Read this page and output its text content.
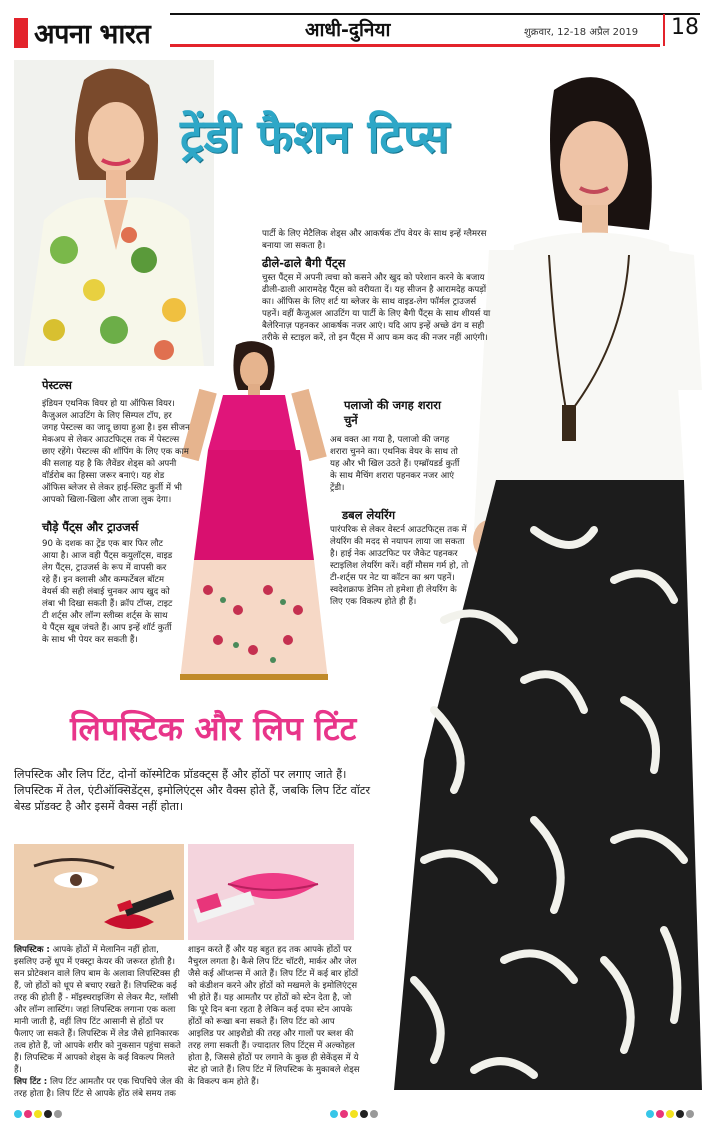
अपना भारत	आधी-दुनिया	शुक्रवार, 12-18 अप्रैल 2019 18
ट्रेंडी फैशन टिप्स
पार्टी के लिए मेटैलिक शेड्स और आकर्षक टॉप वेयर के साथ इन्हें ग्लैमरस बनाया जा सकता है।
ढीले-ढाले बैगी पैंट्स
चुस्त पैंट्स में अपनी त्वचा को कसने और खुद को परेशान करने के बजाय ढीली-ढाली आरामदेह पैंट्स को वरीयता दें। यह सीजन है आरामदेह कपड़ों का। ऑफिस के लिए शर्ट या ब्लेजर के साथ वाइड-लेग फॉर्मल ट्राउजर्स पहनें। वहीं कैजुअल आउटिंग या पार्टी के लिए बैगी पैंट्स के साथ शीयर्स या बैलेरिनाज़ पहनकर आकर्षक नजर आएं। यदि आप इन्हें अच्छे ढंग व सही तरीके से स्टाइल करें, तो इन पैंट्स में आप कम कद की नजर नहीं आएंगी।
पलाजो की जगह शरारा चुनें
अब वक्त आ गया है, पलाजो की जगह शरारा चुनने का। एथनिक वेयर के साथ तो यह और भी खिल उठते हैं। एम्ब्रॉयडर्ड कुर्ती के साथ मैचिंग शरारा पहनकर नजर आएं ट्रेंडी।
डबल लेयरिंग
पारंपरिक से लेकर वेस्टर्न आउटफिट्स तक में लेयरिंग की मदद से नयापन लाया जा सकता है। हाई नेक आउटफिट पर जैकेट पहनकर स्टाइलिश लेयरिंग करें। वहीं मौसम गर्म हो, तो टी-शर्ट्स पर नेट या कॉटन का श्रग पहनें। स्वदेशक्राफ डेनिम तो हमेशा ही लेयरिंग के लिए एक विकल्प होते ही हैं।
पेस्टल्स
इंडियन एथनिक वियर हो या ऑफिस वियर। कैजुअल आउटिंग के लिए सिम्पल टॉप, हर जगह पेस्टल्स का जादू छाया हुआ है। इस सीजन मेकअप से लेकर आउटफिट्स तक में पेस्टल्स छाए रहेंगे। पेस्टल्स की शॉपिंग के लिए एक काम की सलाह यह है कि लैवेंडर शेड्स को अपनी वॉर्डरोब का हिस्सा जरूर बनाएं। यह शेड ऑफिस ब्लेजर से लेकर हाई-स्लिट कुर्ती में भी आपको खिला-खिला और ताजा लुक देगा।
चौड़े पैंट्स और ट्राउजर्स
90 के दशक का ट्रेंड एक बार फिर लौट आया है। आज वही पैंट्स कयुलॉट्स, वाइड लेग पैंट्स, ट्राउजर्स के रूप में वापसी कर रहे हैं। इन क्लासी और कम्फर्टेबल बॉटम वेयर्स की सही लंबाई चुनकर आप खुद को लंबा भी दिखा सकती हैं। क्रॉप टॉप्स, टाइट टी शर्ट्स और लॉन्ग स्लीव्स शर्ट्स के साथ ये पैंट्स खूब जंचते हैं। आप इन्हें शॉर्ट कुर्ती के साथ भी पेयर कर सकती हैं।
लिपस्टिक और लिप टिंट
लिपस्टिक और लिप टिंट, दोनों कॉस्मेटिक प्रॉडक्ट्स हैं और होंठों पर लगाए जाते हैं। लिपस्टिक में तेल, एंटीऑक्सिडेंट्स, इमोलिएंट्स और वैक्स होते हैं, जबकि लिप टिंट वॉटर बेस्ड प्रॉडक्ट है और इसमें वैक्स नहीं होता।

लिपस्टिक : आपके होंठों में मेलानिन नहीं होता, इसलिए उन्हें धूप में एक्स्ट्रा केयर की जरूरत होती है। सन प्रोटेक्शन वाले लिप बाम के अलावा लिपस्टिक्स ही हैं, जो होंठों को धूप से बचाए रखते हैं। लिपस्टिक कई तरह की होती हैं - मॉइस्चराइजिंग से लेकर मैट, ग्लॉसी और लॉन्ग लास्टिंग। जहां लिपस्टिक लगाना एक कला मानी जाती है, वहीं लिप टिंट आसानी से होंठों पर फैलाए जा सकते हैं। लिपस्टिक में लेड जैसे हानिकारक तत्व होते हैं, जो आपके शरीर को नुकसान पहुंचा सकते हैं। लिपस्टिक में आपको शेड्स के कई विकल्प मिलते हैं।

लिप टिंट : लिप टिंट आमतौर पर एक चिपचिपे जेल की तरह होता है। लिप टिंट से आपके होंठ लंबे समय तक

शाइन करते हैं और यह बहुत हद तक आपके होंठों पर नैचुरल लगता है। कैसे लिप टिंट चॉटरी, मार्कर और जेल जैसे कई ऑप्शन्स में आते हैं। लिप टिंट में कई बार होंठों को कंडीशन करने और होंठों को मखमले के इमोलिएंट्स भी होते हैं। यह आमतौर पर होंठों को स्टेन देता है, जो कि पूरे दिन बना रहता है लेकिन कई दफा स्टेन आपके होंठों को रूखा बना सकते हैं। लिप टिंट को आप आइलिड पर आइशैडो की तरह और गालों पर ब्लश की तरह लगा सकती हैं। ज्यादातर लिप टिंट्स में अल्कोहल होता है, जिससे होंठों पर लगाने के कुछ ही सेकेंड्स में ये सेट हो जाते हैं। लिप टिंट में लिपस्टिक के मुकाबले शेड्स के विकल्प कम होते हैं।
